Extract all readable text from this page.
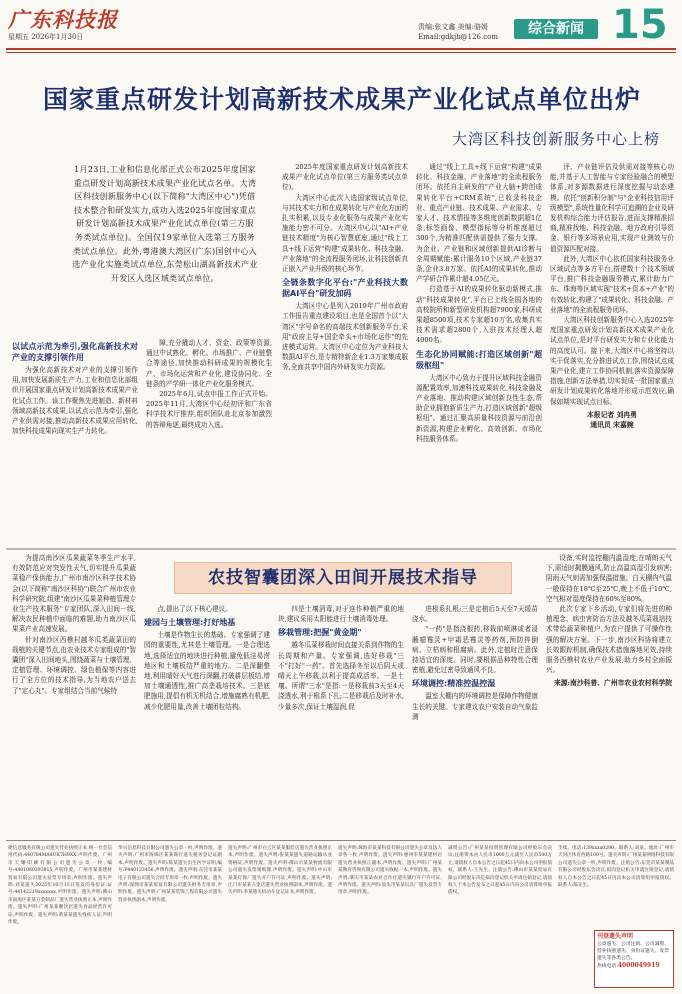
广东科技报
星期五 2026年1月30日
责编:张文鑫 美编:骆媛
Email:gdkjb@126.com	综合新闻 15
国家重点研发计划高新技术成果产业化试点单位出炉
大湾区科技创新服务中心上榜
1月23日,工业和信息化部正式公布2025年度国家重点研发计划高新技术成果产业化试点名单。大湾区科技创新服务中心(以下简称"大湾区中心")凭借技术整合和研发实力,成功入选2025年度国家重点研发计划高新技术成果产业化试点单位(第三方服务类试点单位)。全国仅19家单位入选第三方服务类试点单位。此外,粤港澳大湾区(广东)国创中心入选产业化实施类试点单位,东莞松山湖高新技术产业开发区入选区域类试点单位。
以试点示范为牵引,强化高新技术对产业的支撑引领作用

为强化高新技术对产业的支撑引领作用,加快发展新质生产力,工业和信息化部组织开展国家重点研发计划高新技术成果产业化试点工作。该工作聚焦先进制造、新材料领域高新技术成果,以试点示范为牵引,强化产业供需对接,推动高新技术成果应用转化,加快科技成果向现实生产力转化。

障,充分撬动人才、资金、政策等资源,通过中试熟化、孵化、市场推广、产业链整合等途径,加快推动科研成果的规模化生产、市场化运营和产业化,建设协同化、全链条的产学研一体化产业化服务模式。

2025年6月,试点申报工作正式开始。2025年11月,大湾区中心经初评和广东省科学技术厅推荐,组织团队赴北京参加激烈的答辩角逐,最终成功入选。

2025年度国家重点研发计划高新技术成果产业化试点单位(第三方服务类试点单位)。

大湾区中心此次入选国家级试点单位,与其技术实力和在成果转化与产业化方面的扎实积累,以及专业化服务与成果产业化实施能力密不可分。大湾区中心以"AI+产业链技术精度"为核心智慧底座,通过"线上工具+线下运营"构建"成果转化、科技金融、产业落地"的全流程服务闭环,让科技创新真正嵌入产业升级的核心环节。

全链条数字化平台:"产业科技大数据AI平台"研发加码

大湾区中心是列入2019年广州市政府工作报告重点建设项目,也是全国首个以"大湾区"字号命名的高端技术创新服务平台,采用"政府主导+国企牵头+市场化运作"的先进模式运营。大湾区中心定位为产业科技大数据AI平台,是专精特新企业1.3万家集成服务,全面共享中国内外研发实力资源。

通过"线上工具+线下运营"构建"成果转化、科技金融、产业落地"的全流程服务闭环。依托自主研发的"产业大脑+跨创成果转化平台+CRM系统",已收录科技企业、重点产业链、技术成果、产业需求、专家人才、技术情报等多维度创新数据超1亿条,标签画像、模型指标等分析维度超过300个,为精准匹配供需提供了强力支撑。为企业、产业链和区域创新提供AI诊断与全周期赋能:累计服务10个区域,产业链37条,企业3.8万家。依托AI的成果转化,推动产学研合作累计超4.05亿元。

打造基于AI的成果转化驱动新模式,推动"科技成果转化",平台已上线全国各地的高校院所和新型研发机构超7900家,科研成果超8500项,技术专家超10万名,收集真实技术需求超2800个,入驻技术经理人超4000名。

生态化协同赋能:打造区域创新"超级枢纽"

大湾区中心致力于提升区域科技金融资源配置效率,加速科技成果转化,科技金融及产业落地、推动构建区域创新良性生态,帮助企业拥抱新质生产力,打造区域创新"超级枢纽"。通过汇聚高质量科技资源与前沿创新资源,构建企业孵化、高效创新、市场化科技服务体系。

评、产业链评估及供需对接等核心功能,并基于人工智能与专家经验融合的模型体系,对多源数据进行深度挖掘与动态建模。依托"创新积分制"与"企业科技信用评级模型",系统性量化科学可追溯的企业及研发机构综合能力评估报告,进而支撑精准招商,精准找地、科技金融、地方政府引导资金、银行等多场景应用,实现产业测效与价值资源匹配对接。

此外,大湾区中心依托国家科技服务业区域试点等多方平台,搭建数十个技术领域平台,推广科技金融服务模式,累计助力广东、珠海等区域实现"技术+资本+产业"的有效转化,构建了"成果转化、科技金融、产业落地"的全流程服务闭环。

大湾区科技创新服务中心入选2025年度国家重点研发计划高新技术成果产业化试点单位,是对平台研发实力和专业化能力的高度认可。接下来,大湾区中心将坚持以实干促落实,充分推进试点工作,围绕试点成果产业化,建立工作协同机制,落实资源保障措施,创新方法举措,切实促成一批国家重点研发计划成果转化落地并形成示范效应,确保如期实现试点目标。

本报记者 刘冉勇
通讯员 宋嘉婉
农技智囊团深入田间开展技术指导

为提高南沙区瓜果蔬菜冬季生产水平,有效防范应对突发性天气,切实提升瓜果蔬菜稳产保供能力,广州市南沙区科学技术协会(以下简称"南沙区科协")联合广州市农业科学研究院,组建"南沙区瓜果菜种植管理专业生产技术服务"专家团队,深入田间一线,解决农民种植中面临的难题,助力南沙区瓜果菜产业高速发展。

针对南沙区西樵村越冬瓜类蔬菜田的栽植的关键节点,由农业技术专家组成的"智囊团"深入田间地头,围绕蔬菜与土壤管理、定植管理、环境调控、绿色植保等内容进行了全方位的技术指导,为当地农户送去了"定心丸"。专家组结合当前气候特

点,提出了以下核心建议。

建园与土壤管理:打好地基

土壤是作物生长的基础。专家强调了建园的重要性,尤其是土壤管理。一是合理选地,选择适宜的地块进行种植,避免低洼易涝地区和土壤板结严重的地方。二是深翻整地,利用晴好天气进行深翻,打破耕层板结,增加土壤通透性,推广高垄栽培技术。三是底肥施用,提倡有机无机结合,增施腐熟有机肥,减少化肥用量,改善土壤团粒结构。

四是土壤消毒,对于连作种植严重的地块,建议采用太阳能进行土壤消毒处理。

移栽管理:把握"黄金期"

越冬瓜菜移栽时间直接关系到作物的生长周期和产量。专家强调,选好移栽"三不"打好"一药"。首先选择冬至以后阴天或晴天上午移栽,以利于提高成活率。一是土壤。所谓"三水"是指:一是移栽前3天至4天浇透水,利于根系下扎;二是移栽后及时补水,少量多次,保证土壤湿润,促

进根系扎根;三是定植后5天至7天缓苗浇水。

"一药"是指浇根药,移栽前喷淋或者浸蘸噁霉灵+甲霜恶霉灵等药剂,预防猝倒病、立枯病和根腐病。此外,定植时注意保持适宜的深度。同时,要根据品种特性合理密植,避免过密导致通风不良。

环境调控:精准控温控湿

温室大棚内的环境调控是保障作物健康生长的关键。专家建议农户安装自动气象监测

设备,实时监控棚内温湿度,在晴朗天气下,需适时揭膜通风,防止高温高湿引发病害;阴雨天气则需加强保温措施。白天棚内气温一般保持在18℃至25℃,晚上不低于10℃,空气相对湿度保持在60%至80%。

此次专家下乡活动,专家们将先进的种植理念、病虫害防治方法及越冬瓜菜栽培技术带给蔬菜种植户,为农户提供了可操作性强的解决方案。下一步,南沙区科协将建立长效跟踪机制,确保技术措施落地见效,持续服务西樵村农业产业发展,助力乡村全面振兴。

来源:南沙科普、广州市农业农村科学院
捷信息服务有限公司遗失营业执照正本,统一社会信用代码:440784MA4UK7H9XX,声明作废。广州市天耀印刷有限公司遗失公章一枚,编号:4401060293815,声明作废。广州市某某建材贸易有限公司遗失发票专用章,声明作废。遗失声明:刘某遗失2025年10月13日签发的身份证,证号:44142219xxxxxxx,声明作废。遗失声明:佛山市南海区某某五金制品厂遗失营业执照正本,声明作废。遗失声明:广州某某餐饮店遗失食品经营许可证,声明作废。遗失声明:黄某某遗失残疾人证,声明作废。
华兴信息科技有限公司遗失公章一枚,声明作废。遗失声明:广州市海珠区某某商行遗失税务登记证副本,声明作废。遗失声明:陈某遗失出生医学证明,编号:P440123456,声明作废。遗失声明:东莞市某某电子有限公司遗失合同专用章一枚,声明作废。遗失声明:深圳市某某贸易有限公司遗失财务专用章,声明作废。遗失声明:广州某某装饰工程有限公司遗失营业执照副本,声明作废。
遗失声明:广州市白云区某某服装店遗失营业执照正本,声明作废。遗失声明:张某某遗失道路运输从业资格证,声明作废。遗失声明:佛山市某某物流有限公司遗失发票领购簿,声明作废。遗失声明:中山市某某灯饰厂遗失开户许可证,声明作废。遗失声明:江门市某某五金店遗失营业执照副本,声明作废。遗失声明:李某遗失机动车登记证书,声明作废。
遗失声明:珠海市某某科技有限公司遗失公章及法人章各一枚,声明作废。遗失声明:惠州市某某建材店遗失营业执照正副本,声明作废。遗失声明:广州某某教育咨询有限公司遗失收据一本,声明作废。遗失声明:肇庆市某某农业合作社遗失银行开户许可证,声明作废。遗失声明:汕头市某某玩具厂遗失发票专用章,声明作废。
减资公告:广州某某投资管理有限公司经股东会决议,注册资本由人民币1000万元减至人民币500万元,请债权人自本公告之日起45日内向本公司申报债权。联系人:王先生。注销公告:佛山市某某贸易有限公司经股东决定拟向登记机关申请注销登记,请债权人于本公告发布之日起45日内向公司清算组申报债权。
手续。电话:139xxxx0290。联系人:刘某。地址:广州市天河区体育西路109号。遗失声明:广州某某网络科技有限公司遗失公章一枚,声明作废。注销公告:东莞市某某制品有限公司经股东会决议,拟向登记机关申请注销登记,请债权人自本公告之日起45日内向本公司清算组申报债权。联系人:陈先生。
刊登遗失声明
公章遗失、公司注销、公司减资、营业执照遗失、身份证遗失、发票遗失等各类公告。
热线电话:4000049919
